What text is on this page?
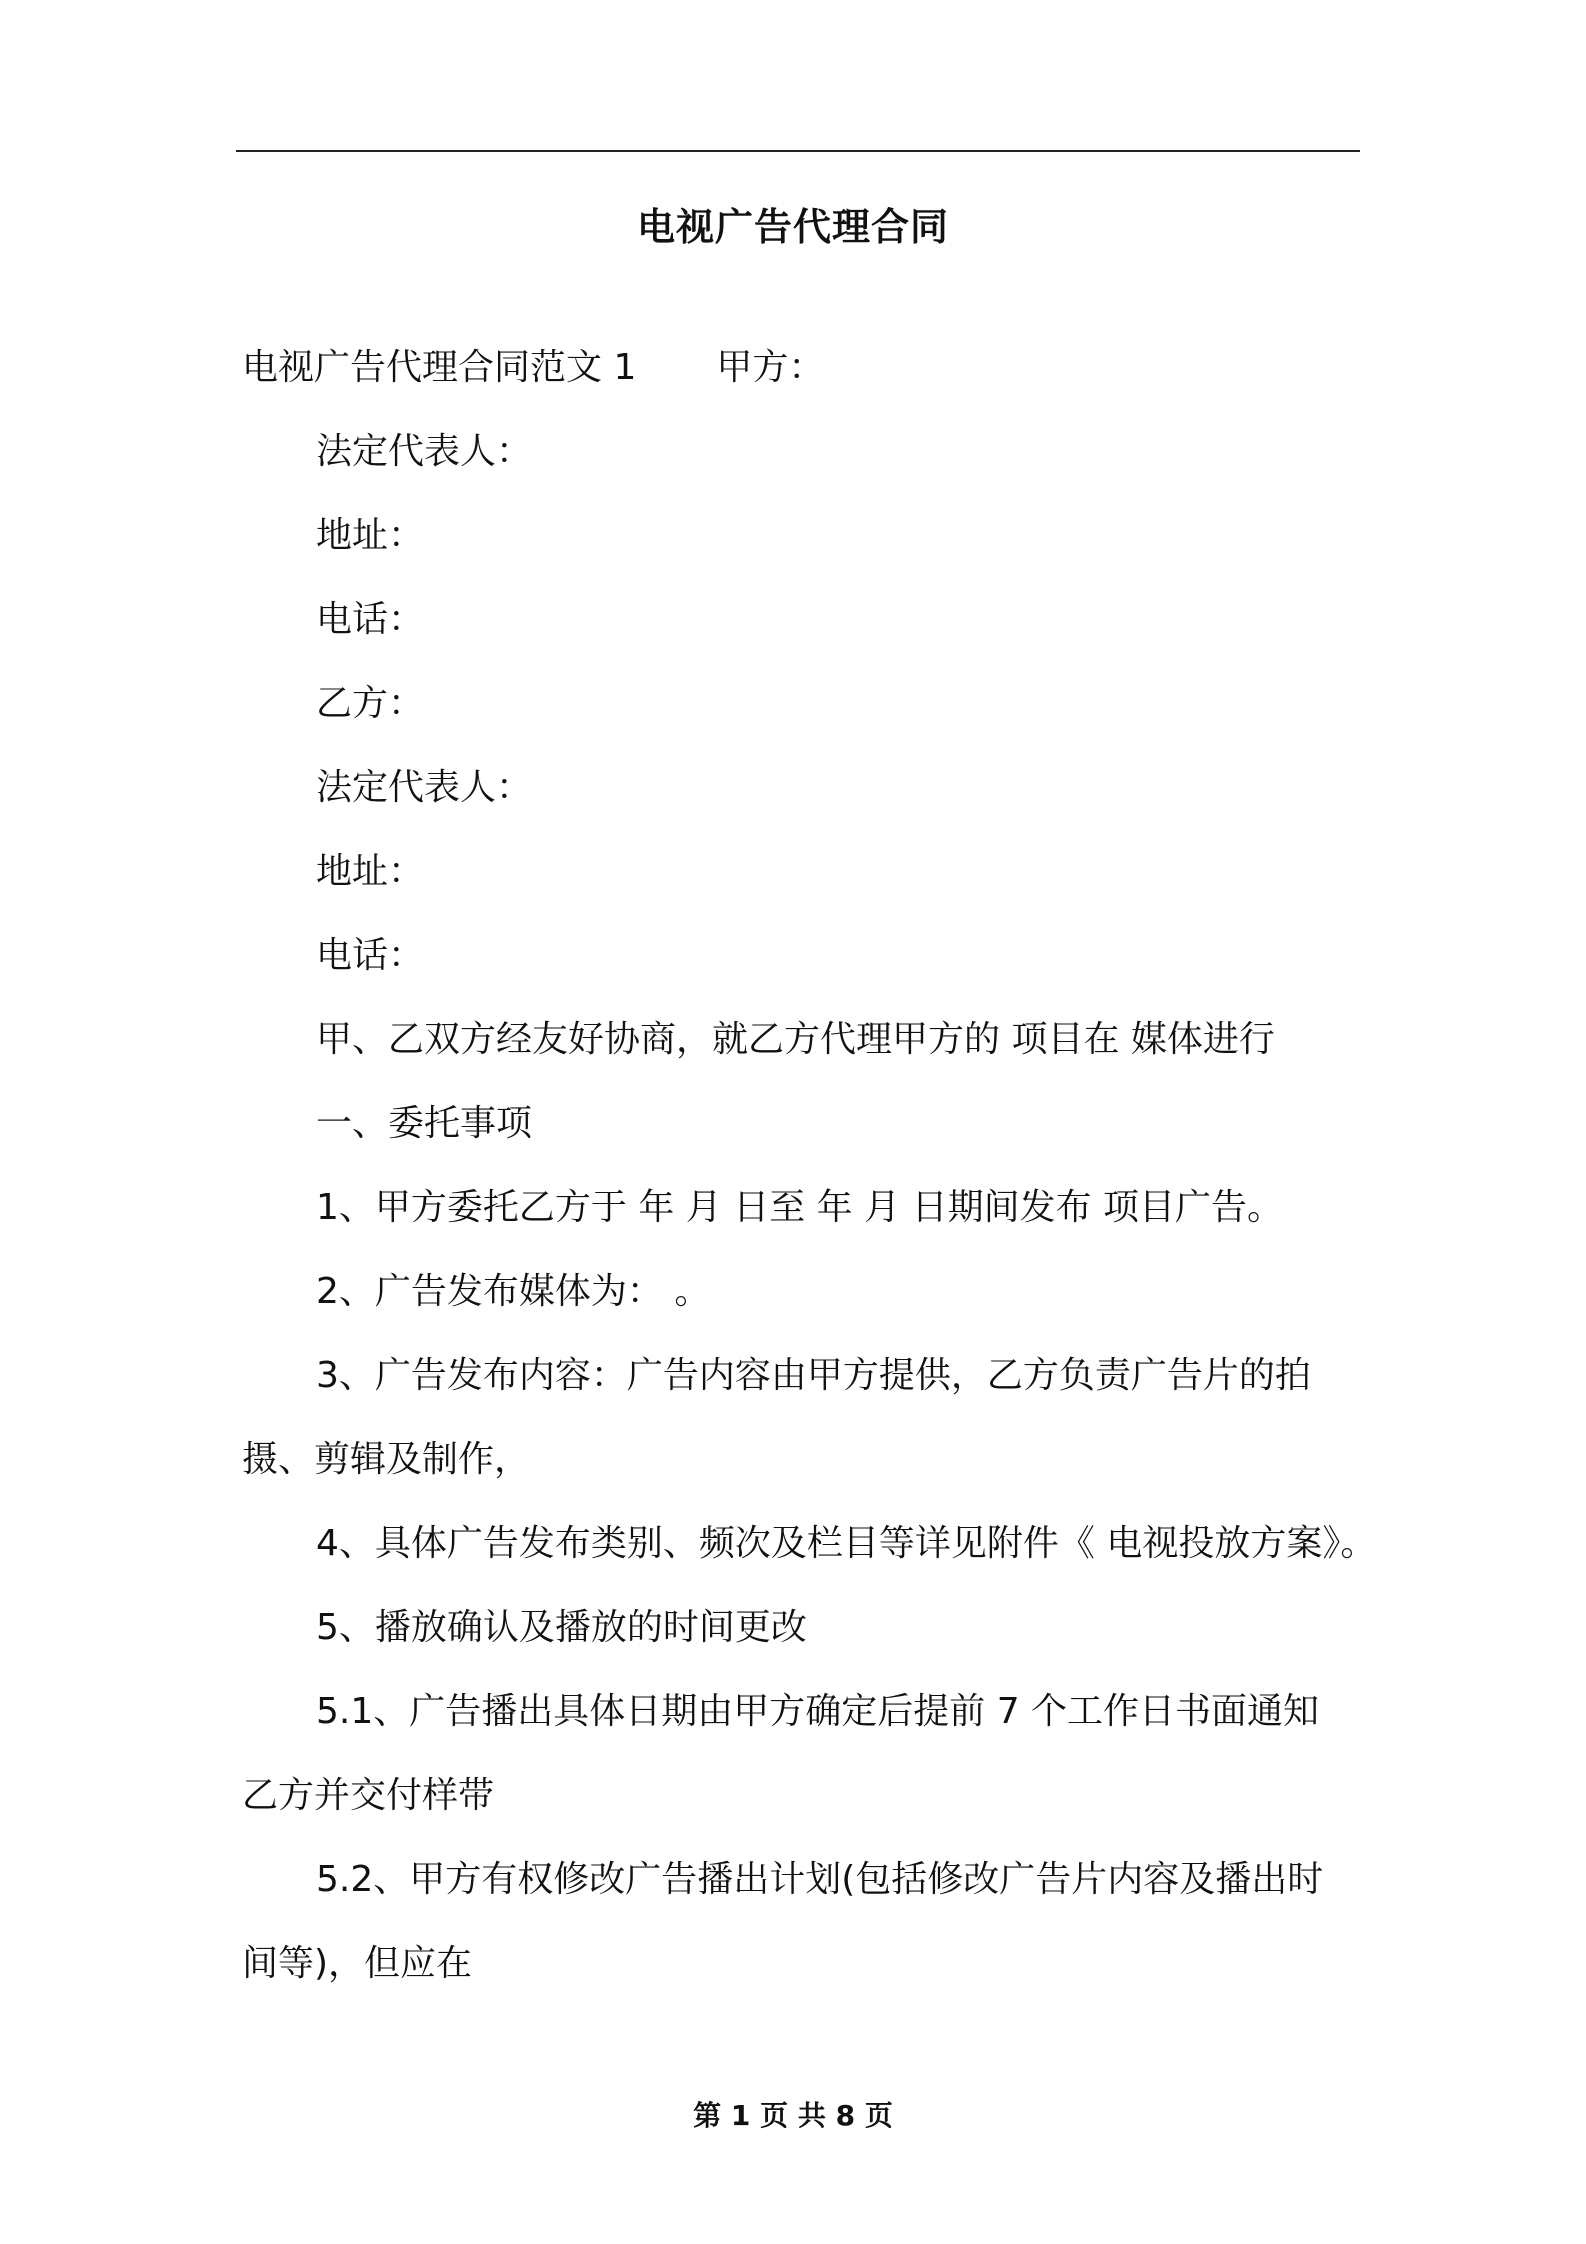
电视广告代理合同
电视广告代理合同范文 1 甲方：
法定代表人：
地址：
电话：
乙方：
法定代表人：
地址：
电话：
甲、乙双方经友好协商，就乙方代理甲方的 项目在 媒体进行
一、委托事项
1、甲方委托乙方于 年 月 日至 年 月 日期间发布 项目广告。
2、广告发布媒体为： 。
3、广告发布内容：广告内容由甲方提供，乙方负责广告片的拍
摄、剪辑及制作，
4、具体广告发布类别、频次及栏目等详见附件《 电视投放方案》。
5、播放确认及播放的时间更改
5.1、广告播出具体日期由甲方确定后提前 7 个工作日书面通知
乙方并交付样带
5.2、甲方有权修改广告播出计划(包括修改广告片内容及播出时
间等)，但应在
第 1 页 共 8 页
